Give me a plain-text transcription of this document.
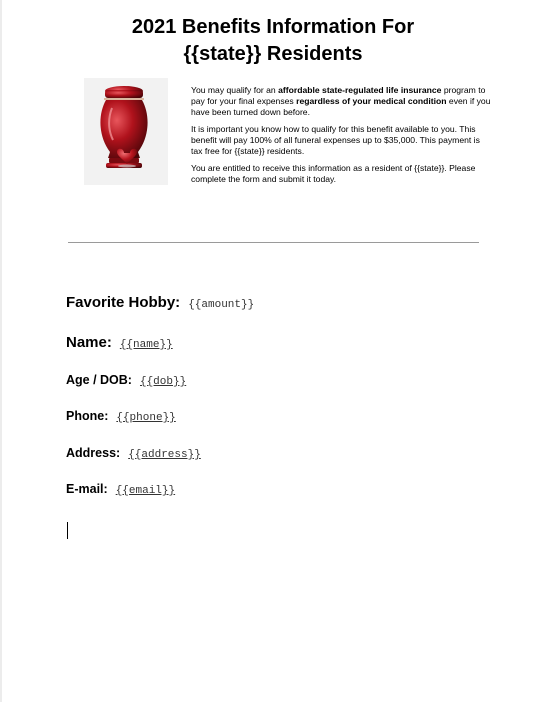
2021 Benefits Information For
{{state}} Residents

You may qualify for an affordable state-regulated life insurance program to pay for your final expenses regardless of your medical condition even if you have been turned down before.

It is important you know how to qualify for this benefit available to you. This benefit will pay 100% of all funeral expenses up to $35,000. This payment is tax free for {{state}} residents.

You are entitled to receive this information as a resident of {{state}}. Please complete the form and submit it today.

Favorite Hobby: {{amount}}
Name: {{name}}
Age / DOB: {{dob}}
Phone: {{phone}}
Address: {{address}}
E-mail: {{email}}
